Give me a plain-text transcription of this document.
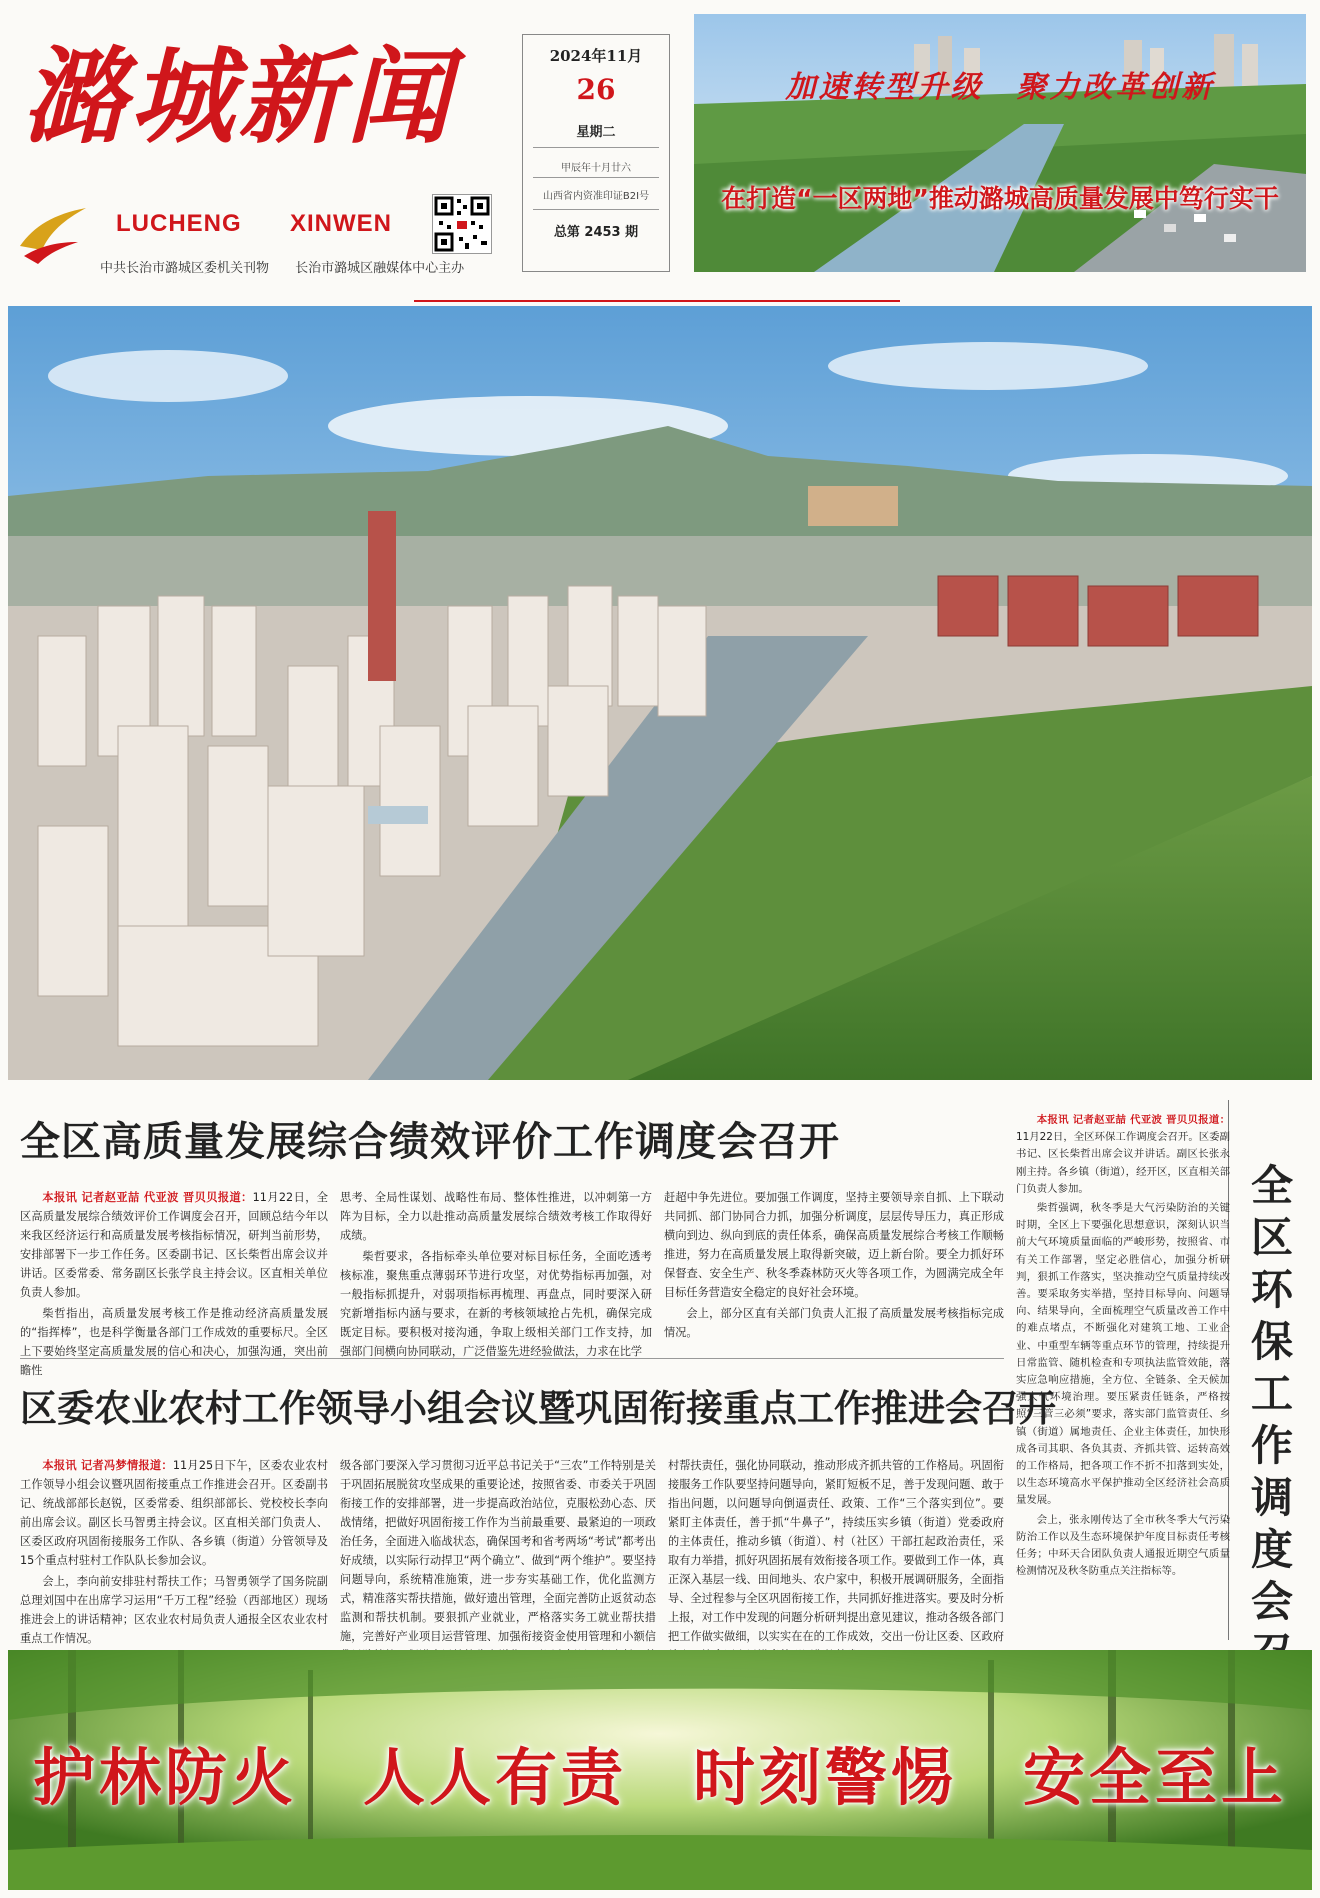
潞城新闻
LUCHENG XINWEN
中共长治市潞城区委机关刊物 长治市潞城区融媒体中心主办
2024年11月
26
星期二
甲辰年十月廿六
山西省内资准印证B2Ι号
总第 2453 期
加速转型升级　聚力改革创新
在打造“一区两地”推动潞城高质量发展中笃行实干
全区高质量发展综合绩效评价工作调度会召开

本报讯 记者赵亚喆 代亚波 晋贝贝报道：11月22日，全区高质量发展综合绩效评价工作调度会召开，回顾总结今年以来我区经济运行和高质量发展考核指标情况，研判当前形势，安排部署下一步工作任务。区委副书记、区长柴哲出席会议并讲话。区委常委、常务副区长张学良主持会议。区直相关单位负责人参加。

柴哲指出，高质量发展考核工作是推动经济高质量发展的“指挥棒”，也是科学衡量各部门工作成效的重要标尺。全区上下要始终坚定高质量发展的信心和决心，加强沟通，突出前瞻性

思考、全局性谋划、战略性布局、整体性推进，以冲刺第一方阵为目标，全力以赴推动高质量发展综合绩效考核工作取得好成绩。

柴哲要求，各指标牵头单位要对标目标任务，全面吃透考核标准，聚焦重点薄弱环节进行攻坚，对优势指标再加强，对一般指标抓提升，对弱项指标再梳理、再盘点，同时要深入研究新增指标内涵与要求，在新的考核领域抢占先机，确保完成既定目标。要积极对接沟通，争取上级相关部门工作支持，加强部门间横向协同联动，广泛借鉴先进经验做法，力求在比学

赶超中争先进位。要加强工作调度，坚持主要领导亲自抓、上下联动共同抓、部门协同合力抓，加强分析调度，层层传导压力，真正形成横向到边、纵向到底的责任体系，确保高质量发展综合考核工作顺畅推进，努力在高质量发展上取得新突破，迈上新台阶。要全力抓好环保督查、安全生产、秋冬季森林防灭火等各项工作，为圆满完成全年目标任务营造安全稳定的良好社会环境。

会上，部分区直有关部门负责人汇报了高质量发展考核指标完成情况。

区委农业农村工作领导小组会议暨巩固衔接重点工作推进会召开

本报讯 记者冯梦情报道：11月25日下午，区委农业农村工作领导小组会议暨巩固衔接重点工作推进会召开。区委副书记、统战部部长赵锐，区委常委、组织部部长、党校校长李向前出席会议。副区长马智勇主持会议。区直相关部门负责人、区委区政府巩固衔接服务工作队、各乡镇（街道）分管领导及15个重点村驻村工作队队长参加会议。

会上，李向前安排驻村帮扶工作；马智勇领学了国务院副总理刘国中在出席学习运用“千万工程”经验（西部地区）现场推进会上的讲话精神；区农业农村局负责人通报全区农业农村重点工作情况。

级各部门要深入学习贯彻习近平总书记关于“三农”工作特别是关于巩固拓展脱贫攻坚成果的重要论述，按照省委、市委关于巩固衔接工作的安排部署，进一步提高政治站位，克服松劲心态、厌战情绪，把做好巩固衔接工作作为当前最重要、最紧迫的一项政治任务，全面进入临战状态，确保国考和省考两场“考试”都考出好成绩，以实际行动捍卫“两个确立”、做到“两个维护”。要坚持问题导向，系统精准施策，进一步夯实基础工作，优化监测方式，精准落实帮扶措施，做好遗出管理，全面完善防止返贫动态监测和帮扶机制。要狠抓产业就业，严格落实务工就业帮扶措施，完善好产业项目运营管理、加强衔接资金使用管理和小额信

村帮扶责任，强化协同联动，推动形成齐抓共管的工作格局。巩固衔接服务工作队要坚持问题导向，紧盯短板不足，善于发现问题、敢于指出问题，以问题导向倒逼责任、政策、工作“三个落实到位”。要紧盯主体责任，善于抓“牛鼻子”，持续压实乡镇（街道）党委政府的主体责任，推动乡镇（街道）、村（社区）干部扛起政治责任，采取有力举措，抓好巩固拓展有效衔接各项工作。要做到工作一体，真正深入基层一线、田间地头、农户家中，积极开展调研服务，全面指导、全过程参与全区巩固衔接工作，共同抓好推进落实。要及时分析上报，对工作中发现的问题分析研判提出意见建议，推动各级各部门把工作做实做细，以实实在在的工作成效，交出一份让区委、区政府

本报讯 记者赵亚喆 代亚波 晋贝贝报道：11月22日，全区环保工作调度会召开。区委副书记、区长柴哲出席会议并讲话。副区长张永刚主持。各乡镇（街道），经开区，区直相关部门负责人参加。

柴哲强调，秋冬季是大气污染防治的关键时期，全区上下要强化思想意识，深刻认识当前大气环境质量面临的严峻形势，按照省、市有关工作部署，坚定必胜信心，加强分析研判，狠抓工作落实，坚决推动空气质量持续改善。要采取务实举措，坚持目标导向、问题导向、结果导向，全面梳理空气质量改善工作中的难点堵点，不断强化对建筑工地、工业企业、中重型车辆等重点环节的管理，持续提升日常监管、随机检查和专项执法监管效能，落实应急响应措施，全方位、全链条、全天候加强大气环境治理。要压紧责任链条，严格按照“三管三必须”要求，落实部门监管责任、乡镇（街道）属地责任、企业主体责任，加快形成各司其职、各负其责、齐抓共管、运转高效的工作格局，把各项工作不折不扣落到实处，以生态环境高水平保护推动全区经济社会高质量发展。

会上，张永刚传达了全市秋冬季大气污染防治工作以及生态环境保护年度目标责任考核任务；中环天合团队负责人通报近期空气质量检测情况及秋冬防重点关注指标等。

全区环保工作调度会
护林防火　人人有责　时刻警惕　安全至上
